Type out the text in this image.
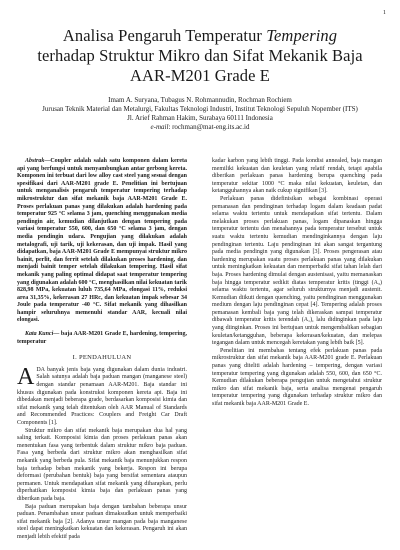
1
Analisa Pengaruh Temperatur Tempering
terhadap Struktur Mikro dan Sifat Mekanik Baja
AAR-M201 Grade E
Imam A. Suryana, Tubagus N. Rohmannudin, Rochman Rochiem
Jurusan Teknik Material dan Metalurgi, Fakultas Teknologi Industri, Institut Teknologi Sepuluh Nopember (ITS)
Jl. Arief Rahman Hakim, Surabaya 60111 Indonesia
e-mail: rochman@mat-eng.its.ac.id

Abstrak—Coupler adalah salah satu komponen dalam kereta api yang berfungsi untuk menyambungkan antar gerbong kereta. Komponen ini terbuat dari low alloy cast steel yang sesuai dengan spesifikasi dari AAR-M201 grade E. Penelitian ini bertujuan untuk menganalisis pengaruh temperatur tempering terhadap mikrostruktur dan sifat mekanik baja AAR-M201 Grade E. Proses perlakuan panas yang dilakukan adalah hardening pada temperatur 925 °C selama 3 jam, quenching menggunakan media pendingin air, kemudian dilanjutkan dengan tempering pada variasi temperatur 550, 600, dan 650 °C selama 3 jam, dengan media pendingin udara. Pengujian yang dilakukan adalah metalografi, uji tarik, uji kekerasan, dan uji impak. Hasil yang didapatkan, baja AAR-M201 Grade E mempunyai struktur mikro bainit, perlit, dan ferrit setelah dilakukan proses hardening, dan menjadi bainit temper setelah dilakukan tempering. Hasil sifat mekanik yang paling optimal didapat saat temperatur tempering yang digunakan adalah 600 °C, menghasilkan nilai kekuatan tarik 828,98 MPa, kekuatan luluh 735,64 MPa, elongasi 11%, reduksi area 31,35%, kekerasan 27 HRc, dan kekuatan impak sebesar 34 Joule pada temperatur -40 °C. Sifat mekanik yang dihasilkan hampir seluruhnya memenuhi standar AAR, kecuali nilai elongasi.

Kata Kunci— baja AAR-M201 Grade E, hardening, tempering, temperatur

I. PENDAHULUAN

ADA banyak jenis baja yang digunakan dalam dunia industri. Salah satunya adalah baja paduan mangan (manganese steel) dengan standar penamaan AAR-M201. Baja standar ini khusus digunakan pada konstruksi komponen kereta api. Baja ini dibedakan menjadi beberapa grade, berdasarkan komposisi kimia dan sifat mekanik yang telah ditentukan oleh AAR Manual of Standards and Recommended Practices: Couplers and Freight Car Draft Components [1].

Struktur mikro dan sifat mekanik baja merupakan dua hal yang saling terkait. Komposisi kimia dan proses perlakuan panas akan menentukan fasa yang terbentuk dalam struktur mikro baja paduan. Fasa yang berbeda dari struktur mikro akan menghasilkan sifat mekanik yang berbeda pula. Sifat mekanik baja menunjukkan respon baja terhadap beban mekanik yang bekerja. Respon ini berupa deformasi (perubahan bentuk) baja yang bersifat sementara ataupun permanen. Untuk mendapatkan sifat mekanik yang diharapkan, perlu diperhatikan komposisi kimia baja dan perlakuan panas yang diberikan pada baja.

Baja paduan merupakan baja dengan tambahan beberapa unsur paduan. Penambahan unsur paduan dimaksudkan untuk memperbaiki sifat mekanik baja [2]. Adanya unsur mangan pada baja manganese steel dapat meningkatkan kekuatan dan kekerasan. Pengaruh ini akan menjadi lebih efektif pada

kadar karbon yang lebih tinggi. Pada kondisi annealed, baja mangan memiliki kekuatan dan keuletan yang relatif rendah, tetapi apabila diberikan perlakuan panas hardening berupa quenching pada temperatur sekitar 1000 °C maka nilai kekuatan, keuletan, dan ketangguhannya akan naik cukup signifikan [3].

Perlakuan panas didefinisikan sebagai kombinasi operasi pemanasan dan pendinginan terhadap logam dalam keadaan padat selama waktu tertentu untuk mendapatkan sifat tertentu. Dalam melakukan proses perlakuan panas, logam dipanaskan hingga temperatur tertentu dan menahannya pada temperatur tersebut untuk suatu waktu tertentu kemudian mendinginkannya dengan laju pendinginan tertentu. Laju pendinginan ini akan sangat tergantung pada media pendingin yang digunakan [3]. Proses pengerasan atau hardening merupakan suatu proses perlakuan panas yang dilakukan untuk meningkatkan kekuatan dan memperbaiki sifat tahan lelah dari baja. Proses hardening dimulai dengan austenisasi, yaitu memanaskan baja hingga temperatur sedikit diatas temperatur kritis (tinggi (A₃) selama waktu tertentu, agar seluruh strukturnya menjadi austenit. Kemudian diikuti dengan quenching, yaitu pendinginan menggunakan medium dengan laju pendinginan cepat [4]. Tempering adalah proses pemanasan kembali baja yang telah dikeraskan sampai temperatur dibawah temperatur kritis terendah (A₁), lalu didinginkan pada laju yang diinginkan. Proses ini bertujuan untuk mengembalikan sebagian keuletan/ketangguhan, beberapa kekerasan/kekuatan, dan melepas tegangan dalam untuk mencegah keretakan yang lebih baik [5].

Penelitian ini membahas tentang efek perlakuan panas pada mikrostruktur dan sifat mekanik baja AAR-M201 grade E. Perlakuan panas yang diteliti adalah hardening – tempering, dengan variasi temperatur tempering yang digunakan adalah 550, 600, dan 650 °C. Kemudian dilakukan beberapa pengujian untuk mengetahui struktur mikro dan sifat mekanik baja, serta analisa mengenai pengaruh temperatur tempering yang digunakan terhadap struktur mikro dan sifat mekanik baja AAR-M201 Grade E.
